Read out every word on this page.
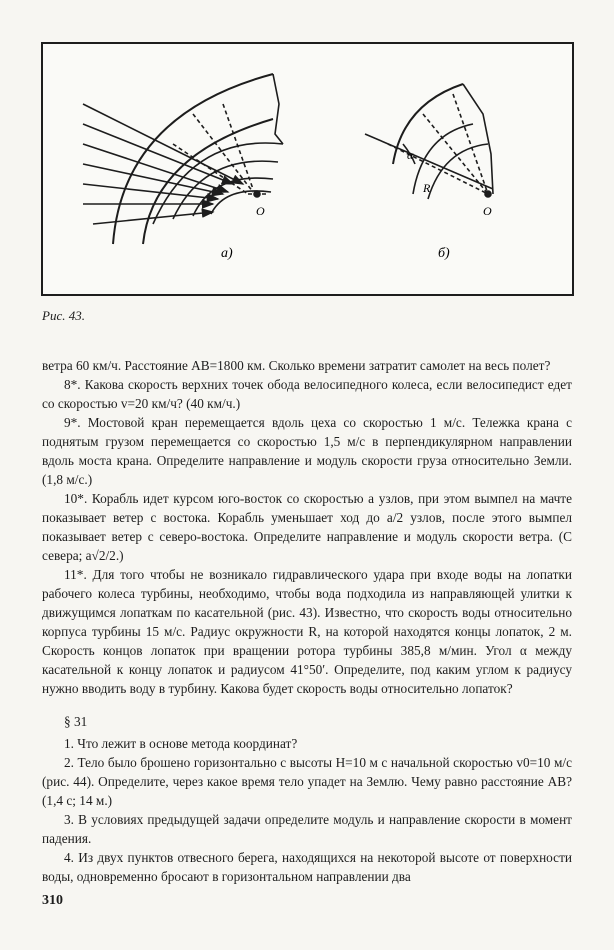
а)	б)
O	O
α
R
Рис. 43.

ветра 60 км/ч. Расстояние AB=1800 км. Сколько времени затратит самолет на весь полет?

8*. Какова скорость верхних точек обода велосипедного колеса, если велосипедист едет со скоростью v=20 км/ч? (40 км/ч.)

9*. Мостовой кран перемещается вдоль цеха со скоростью 1 м/с. Тележка крана с поднятым грузом перемещается со скоростью 1,5 м/с в перпендикулярном направлении вдоль моста крана. Определите направление и модуль скорости груза относительно Земли. (1,8 м/с.)

10*. Корабль идет курсом юго-восток со скоростью a узлов, при этом вымпел на мачте показывает ветер с востока. Корабль уменьшает ход до a/2 узлов, после этого вымпел показывает ветер с северо-востока. Определите направление и модуль скорости ветра. (С севера; a√2/2.)

11*. Для того чтобы не возникало гидравлического удара при входе воды на лопатки рабочего колеса турбины, необходимо, чтобы вода подходила из направляющей улитки к движущимся лопаткам по касательной (рис. 43). Известно, что скорость воды относительно корпуса турбины 15 м/с. Радиус окружности R, на которой находятся концы лопаток, 2 м. Скорость концов лопаток при вращении ротора турбины 385,8 м/мин. Угол α между касательной к концу лопаток и радиусом 41°50′. Определите, под каким углом к радиусу нужно вводить воду в турбину. Какова будет скорость воды относительно лопаток?

§ 31

1. Что лежит в основе метода координат?

2. Тело было брошено горизонтально с высоты H=10 м с начальной скоростью v0=10 м/с (рис. 44). Определите, через какое время тело упадет на Землю. Чему равно расстояние AB? (1,4 с; 14 м.)

3. В условиях предыдущей задачи определите модуль и направление скорости в момент падения.

4. Из двух пунктов отвесного берега, находящихся на некоторой высоте от поверхности воды, одновременно бросают в горизонтальном направлении два

310
